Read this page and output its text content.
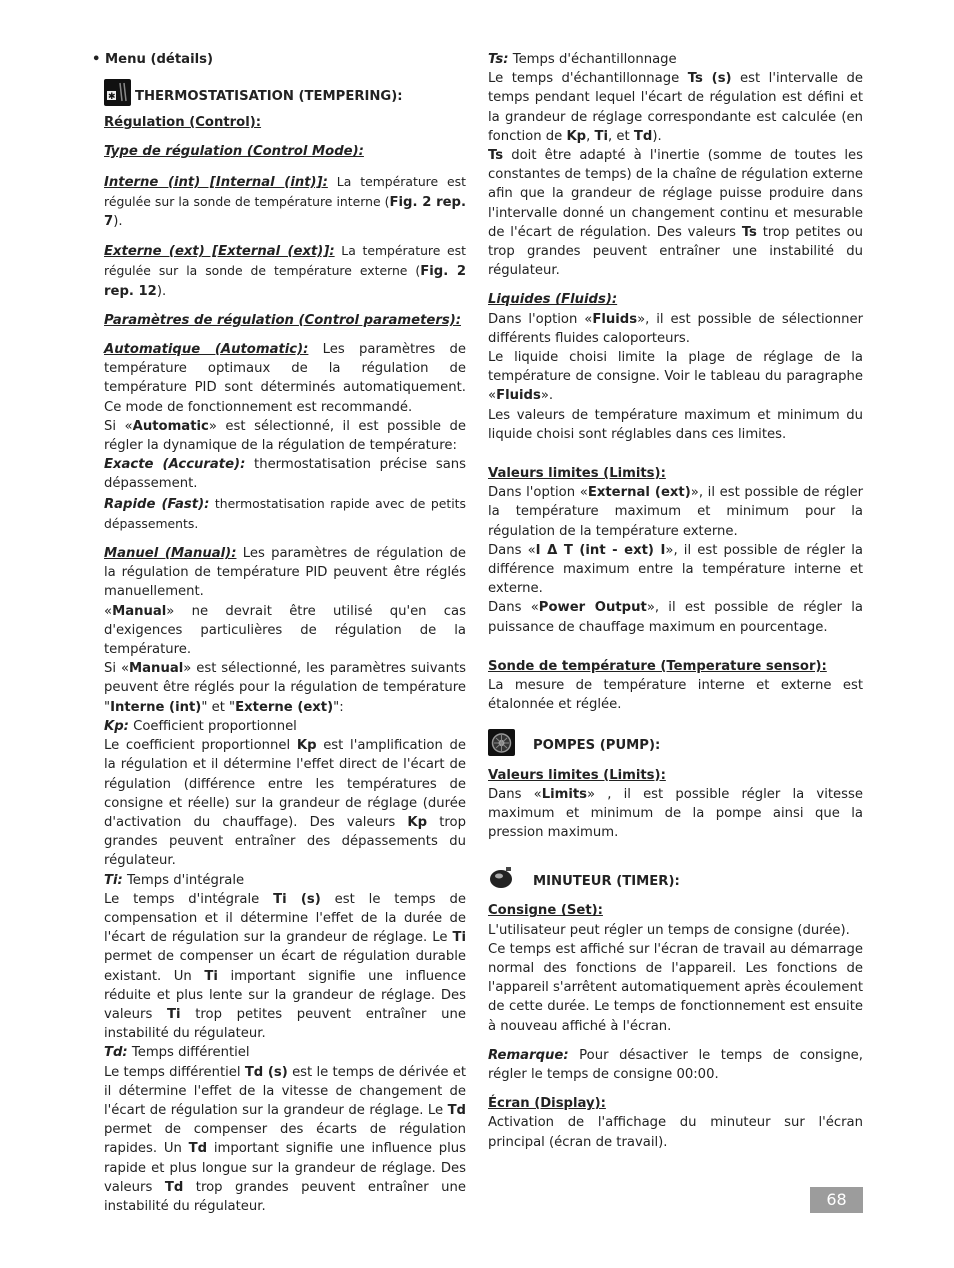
• Menu (détails)

✱ THERMOSTATISATION (TEMPERING):

Régulation (Control):

Type de régulation (Control Mode):

Interne (int) [Internal (int)]: La température est régulée sur la sonde de température interne (Fig. 2 rep. 7).

Externe (ext) [External (ext)]: La température est régulée sur la sonde de température externe (Fig. 2 rep. 12).

Paramètres de régulation (Control parameters):

Automatique (Automatic): Les paramètres de température optimaux de la régulation de température PID sont déterminés automatiquement. Ce mode de fonctionnement est recommandé.

Si «Automatic» est sélectionné, il est possible de régler la dynamique de la régulation de température:

Exacte (Accurate): thermostatisation précise sans dépassement.

Rapide (Fast): thermostatisation rapide avec de petits dépassements.

Manuel (Manual): Les paramètres de régulation de la régulation de température PID peuvent être réglés manuellement.

«Manual» ne devrait être utilisé qu'en cas d'exigences particulières de régulation de la température.

Si «Manual» est sélectionné, les paramètres suivants peuvent être réglés pour la régulation de température "Interne (int)" et "Externe (ext)":

Kp: Coefficient proportionnel

Le coefficient proportionnel Kp est l'amplification de la régulation et il détermine l'effet direct de l'écart de régulation (différence entre les températures de consigne et réelle) sur la grandeur de réglage (durée d'activation du chauffage). Des valeurs Kp trop grandes peuvent entraîner des dépassements du régulateur.

Ti: Temps d'intégrale

Le temps d'intégrale Ti (s) est le temps de compensation et il détermine l'effet de la durée de l'écart de régulation sur la grandeur de réglage. Le Ti permet de compenser un écart de régulation durable existant. Un Ti important signifie une influence réduite et plus lente sur la grandeur de réglage. Des valeurs Ti trop petites peuvent entraîner une instabilité du régulateur.

Td: Temps différentiel

Le temps différentiel Td (s) est le temps de dérivée et il détermine l'effet de la vitesse de changement de l'écart de régulation sur la grandeur de réglage. Le Td permet de compenser des écarts de régulation rapides. Un Td important signifie une influence plus rapide et plus longue sur la grandeur de réglage. Des valeurs Td trop grandes peuvent entraîner une instabilité du régulateur.

Ts: Temps d'échantillonnage

Le temps d'échantillonnage Ts (s) est l'intervalle de temps pendant lequel l'écart de régulation est défini et la grandeur de réglage correspondante est calculée (en fonction de Kp, Ti, et Td).

Ts doit être adapté à l'inertie (somme de toutes les constantes de temps) de la chaîne de régulation externe afin que la grandeur de réglage puisse produire dans l'intervalle donné un changement continu et mesurable de l'écart de régulation. Des valeurs Ts trop petites ou trop grandes peuvent entraîner une instabilité du régulateur.

Liquides (Fluids):

Dans l'option «Fluids», il est possible de sélectionner différents fluides caloporteurs.

Le liquide choisi limite la plage de réglage de la température de consigne. Voir le tableau du paragraphe «Fluids».

Les valeurs de température maximum et minimum du liquide choisi sont réglables dans ces limites.

Valeurs limites (Limits):

Dans l'option «External (ext)», il est possible de régler la température maximum et minimum pour la régulation de la température externe.

Dans «I Δ T (int - ext) I», il est possible de régler la différence maximum entre la température interne et externe.

Dans «Power Output», il est possible de régler la puissance de chauffage maximum en pourcentage.

Sonde de température (Temperature sensor):

La mesure de température interne et externe est étalonnée et réglée.

POMPES (PUMP):

Valeurs limites (Limits):

Dans «Limits» , il est possible régler la vitesse maximum et minimum de la pompe ainsi que la pression maximum.

MINUTEUR (TIMER):

Consigne (Set):

L'utilisateur peut régler un temps de consigne (durée).

Ce temps est affiché sur l'écran de travail au démarrage normal des fonctions de l'appareil. Les fonctions de l'appareil s'arrêtent automatiquement après écoulement de cette durée. Le temps de fonctionnement est ensuite à nouveau affiché à l'écran.

Remarque: Pour désactiver le temps de consigne, régler le temps de consigne 00:00.

Écran (Display):

Activation de l'affichage du minuteur sur l'écran principal (écran de travail).

68
